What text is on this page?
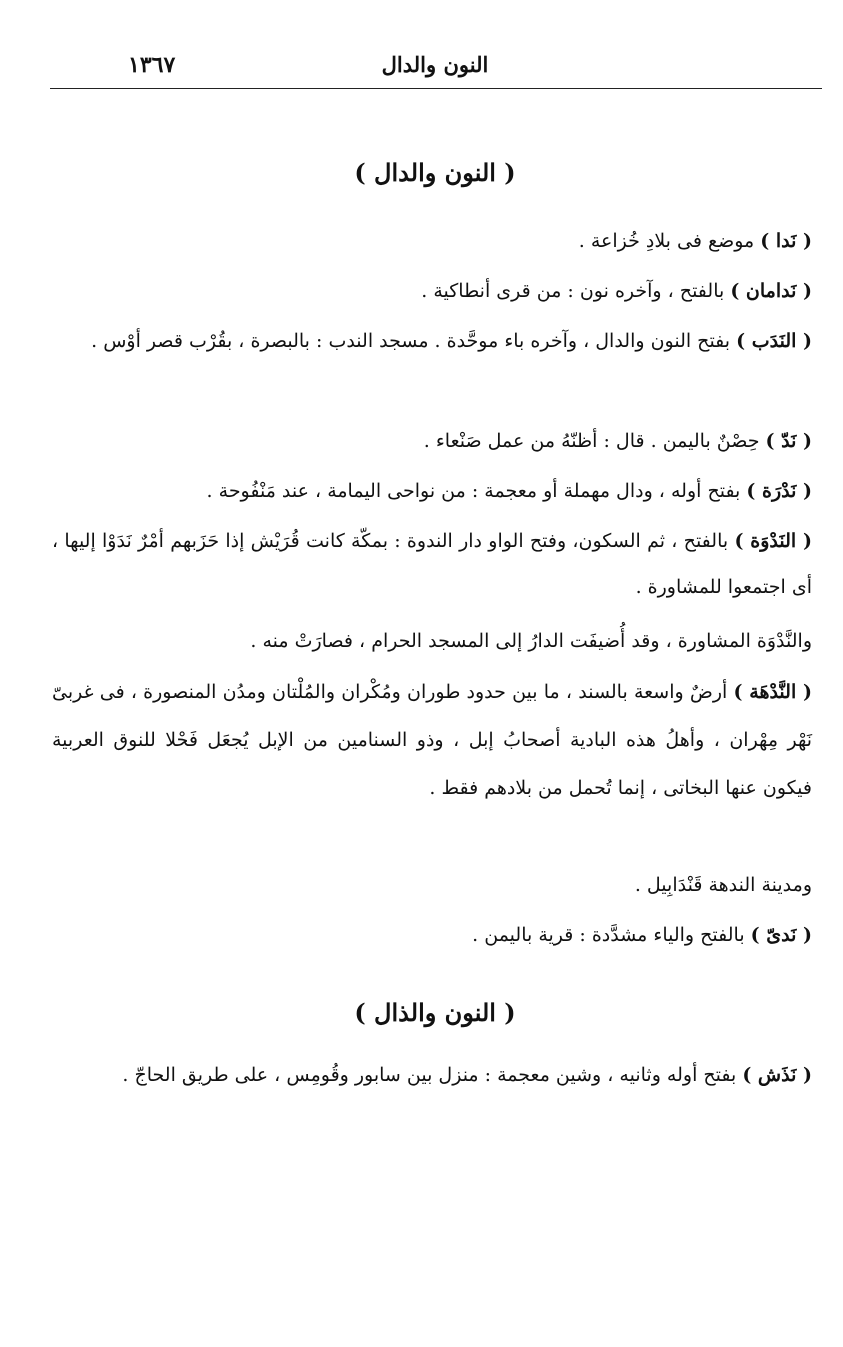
النون والدال
١٣٦٧
( النون والدال )
( نَدا ) موضع فى بلادِ خُزاعة .
( نَدامان ) بالفتح ، وآخره نون : من قرى أنطاكية .
( النَدَب ) بفتح النون والدال ، وآخره باء موحَّدة . مسجد الندب : بالبصرة ، بقُرْب قصر أوْس .
( نَدّ ) حِصْنٌ باليمن . قال : أظنّهُ من عمل صَنْعاء .
( نَدْرَة ) بفتح أوله ، ودال مهملة أو معجمة : من نواحى اليمامة ، عند مَنْفُوحة .
( النَدْوَة ) بالفتح ، ثم السكون، وفتح الواو دار الندوة : بمكّة كانت قُرَيْش إذا حَزَبهم أمْرٌ نَدَوْا إليها ، أى اجتمعوا للمشاورة .
والنَّدْوَة المشاورة ، وقد أُضيفَت الدارُ إلى المسجد الحرام ، فصارَتْ منه .
( النَّدْهَة ) أرضٌ واسعة بالسند ، ما بين حدود طوران ومُكْران والمُلْتان ومدُن المنصورة ، فى غربىّ نَهْر مِهْران ، وأهلُ هذه البادية أصحابُ إبل ، وذو السنامين من الإبل يُجعَل فَحْلا للنوق العربية فيكون عنها البخاتى ، إنما تُحمل من بلادهم فقط .
ومدينة الندهة قَنْدَابِيل .
( نَدىّ ) بالفتح والياء مشدَّدة : قرية باليمن .
( النون والذال )
( نَذَش ) بفتح أوله وثانيه ، وشين معجمة : منزل بين سابور وقُومِس ، على طريق الحاجّ .
